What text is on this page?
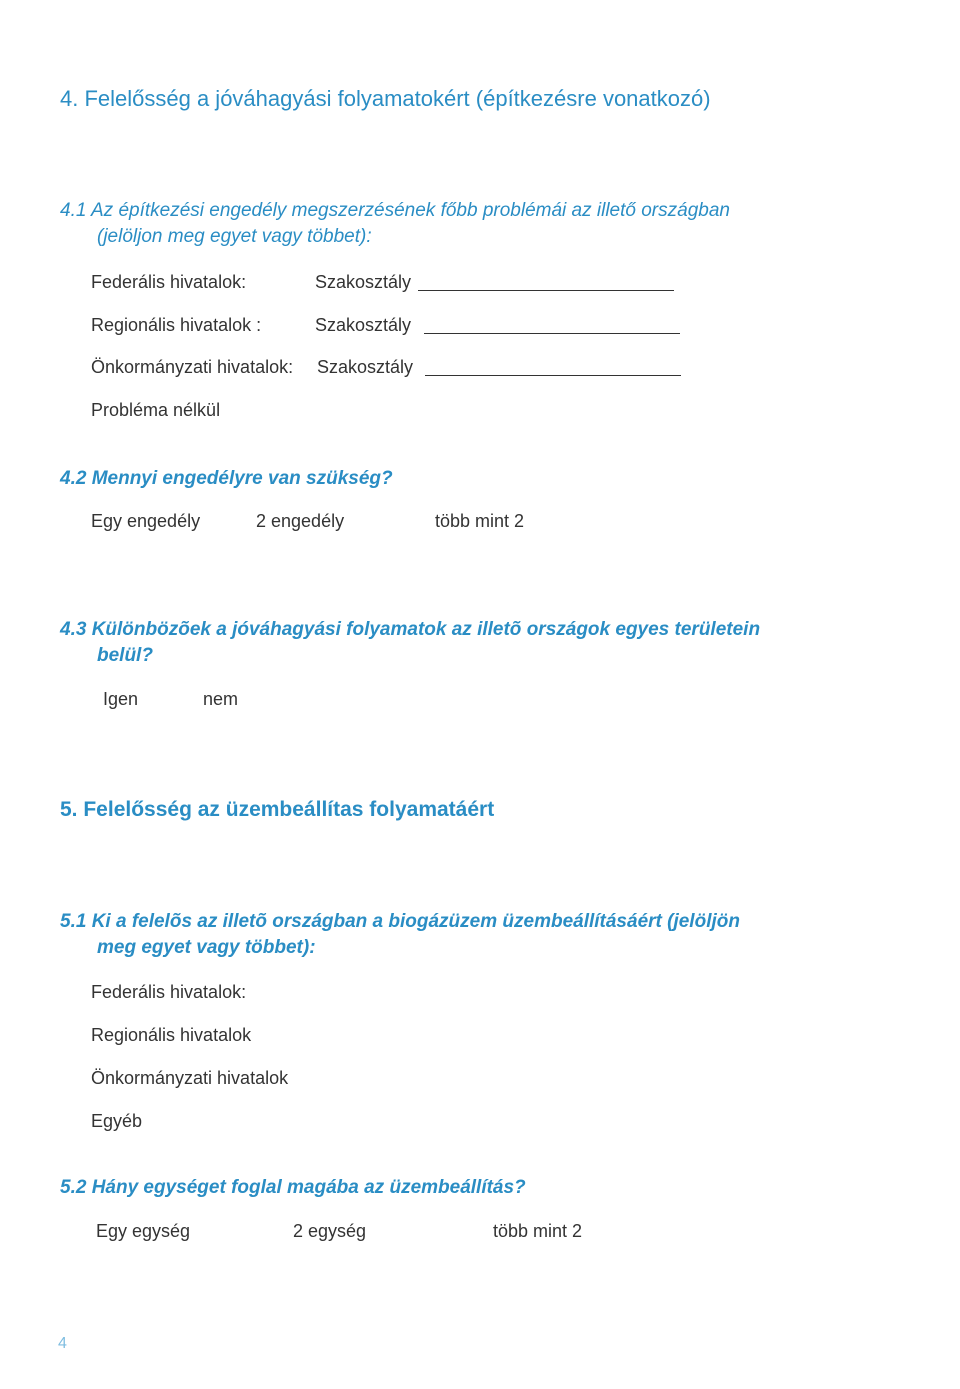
4. Felelősség a jóváhagyási folyamatokért (építkezésre vonatkozó)
4.1 Az építkezési engedély megszerzésének főbb problémái az illető országban
(jelöljon meg egyet vagy többet):
Federális hivatalok:	Szakosztály
Regionális hivatalok :	Szakosztály
Önkormányzati hivatalok: Szakosztály
Probléma nélkül
4.2 Mennyi engedélyre van szükség?
Egy engedély	2 engedély	több mint 2
4.3 Különbözõek a jóváhagyási folyamatok az illetõ országok egyes területein
belül?
Igen	nem
5. Felelősség az üzembeállítas folyamatáért
5.1 Ki a felelõs az illetõ országban a biogázüzem üzembeállításáért (jelöljön
meg egyet vagy többet):
Federális hivatalok:
Regionális hivatalok
Önkormányzati hivatalok
Egyéb
5.2 Hány egységet foglal magába az üzembeállítás?
Egy egység	2 egység	több mint 2
4
